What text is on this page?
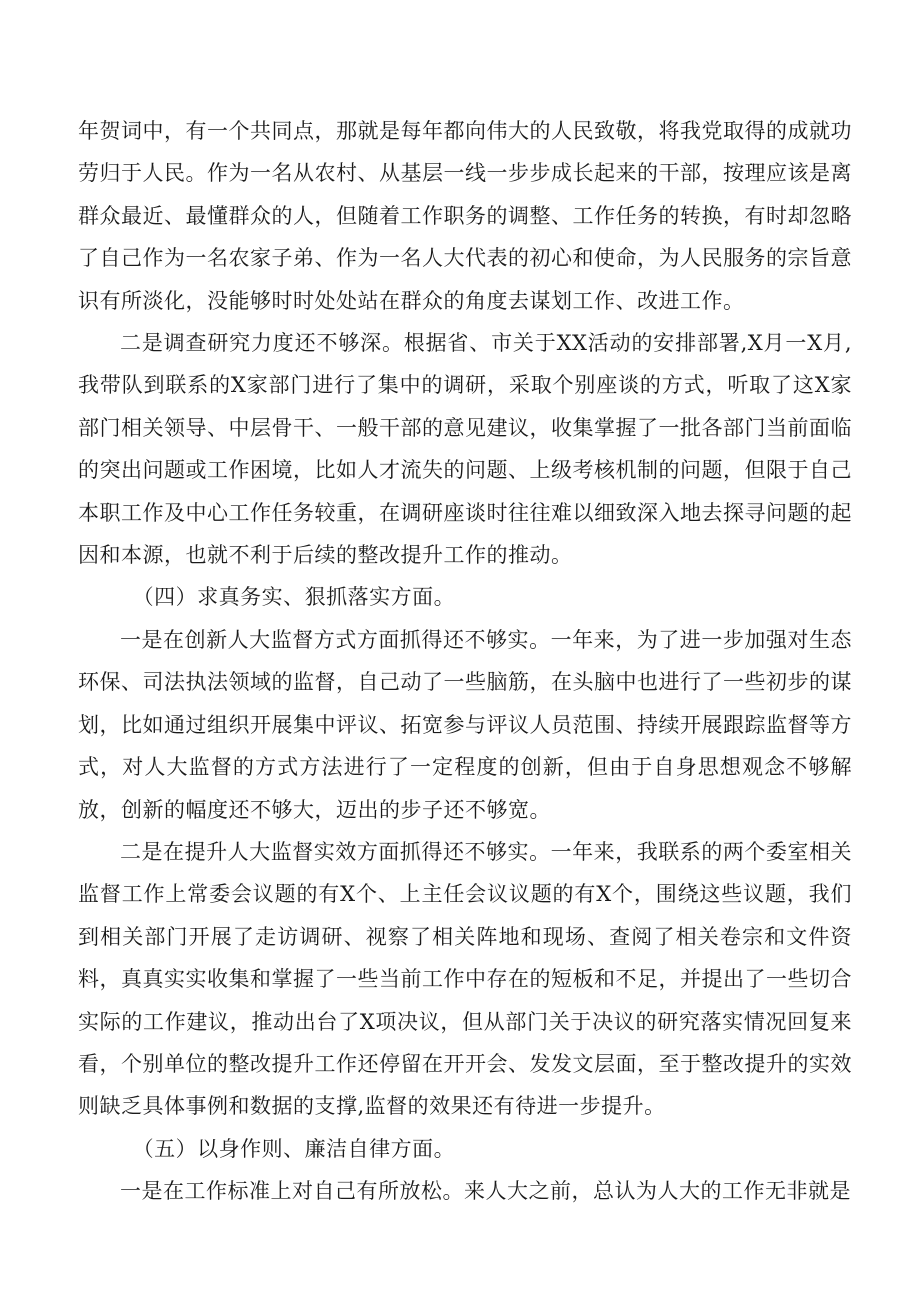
年贺词中，有一个共同点，那就是每年都向伟大的人民致敬，将我党取得的成就功劳归于人民。作为一名从农村、从基层一线一步步成长起来的干部，按理应该是离群众最近、最懂群众的人，但随着工作职务的调整、工作任务的转换，有时却忽略了自己作为一名农家子弟、作为一名人大代表的初心和使命，为人民服务的宗旨意识有所淡化，没能够时时处处站在群众的角度去谋划工作、改进工作。

二是调查研究力度还不够深。根据省、市关于XX活动的安排部署,X月一X月,我带队到联系的X家部门进行了集中的调研，采取个别座谈的方式，听取了这X家部门相关领导、中层骨干、一般干部的意见建议，收集掌握了一批各部门当前面临的突出问题或工作困境，比如人才流失的问题、上级考核机制的问题，但限于自己本职工作及中心工作任务较重，在调研座谈时往往难以细致深入地去探寻问题的起因和本源，也就不利于后续的整改提升工作的推动。

（四）求真务实、狠抓落实方面。

一是在创新人大监督方式方面抓得还不够实。一年来，为了进一步加强对生态环保、司法执法领域的监督，自己动了一些脑筋，在头脑中也进行了一些初步的谋划，比如通过组织开展集中评议、拓宽参与评议人员范围、持续开展跟踪监督等方式，对人大监督的方式方法进行了一定程度的创新，但由于自身思想观念不够解放，创新的幅度还不够大，迈出的步子还不够宽。

二是在提升人大监督实效方面抓得还不够实。一年来，我联系的两个委室相关监督工作上常委会议题的有X个、上主任会议议题的有X个，围绕这些议题，我们到相关部门开展了走访调研、视察了相关阵地和现场、查阅了相关卷宗和文件资料，真真实实收集和掌握了一些当前工作中存在的短板和不足，并提出了一些切合实际的工作建议，推动出台了X项决议，但从部门关于决议的研究落实情况回复来看，个别单位的整改提升工作还停留在开开会、发发文层面，至于整改提升的实效则缺乏具体事例和数据的支撑,监督的效果还有待进一步提升。

（五）以身作则、廉洁自律方面。

一是在工作标准上对自己有所放松。来人大之前，总认为人大的工作无非就是
